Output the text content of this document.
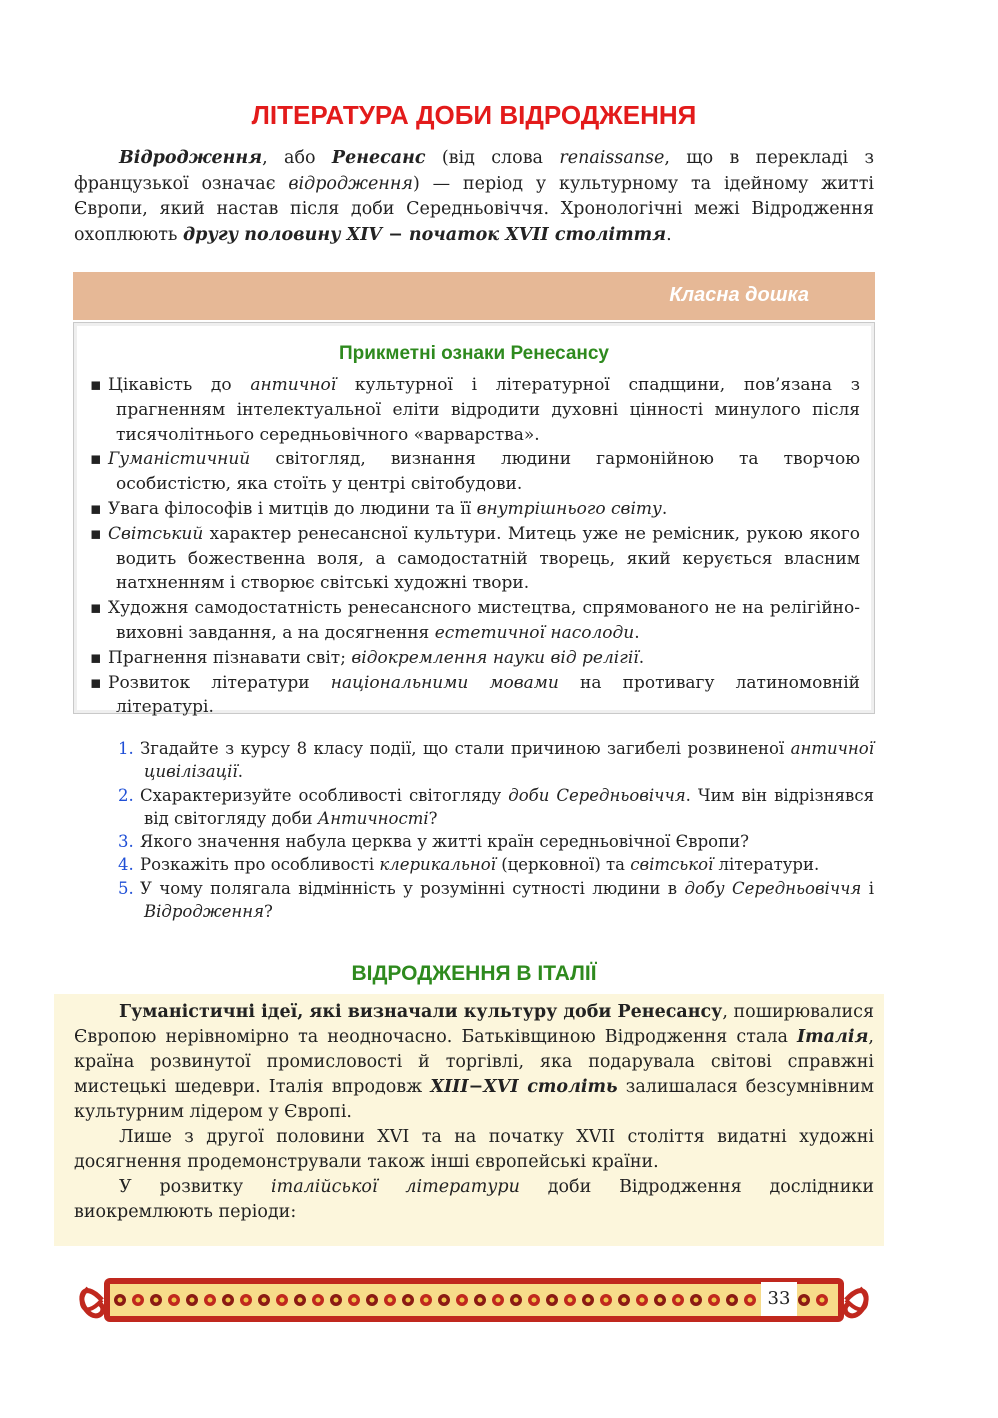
ЛІТЕРАТУРА ДОБИ ВІДРОДЖЕННЯ

Відродження, або Ренесанс (від слова renaissanse, що в перекладі з французької означає відродження) — період у культурному та ідейному житті Європи, який настав після доби Середньовіччя. Хронологічні межі Відродження охоплюють другу половину XIV − початок XVII століття.

Класна дошка
Прикметні ознаки Ренесансу
▪ Цікавість до античної культурної і літературної спадщини, пов’язана з прагненням інтелектуальної еліти відродити духовні цінності минулого після тисячолітнього середньовічного «варварства».
▪ Гуманістичний світогляд, визнання людини гармонійною та творчою особистістю, яка стоїть у центрі світобудови.
▪ Увага філософів і митців до людини та її внутрішнього світу.
▪ Світський характер ренесансної культури. Митець уже не ремісник, рукою якого водить божественна воля, а самодостатній творець, який керується власним натхненням і створює світські художні твори.
▪ Художня самодостатність ренесансного мистецтва, спрямованого не на релігійно-виховні завдання, а на досягнення естетичної насолоди.
▪ Прагнення пізнавати світ; відокремлення науки від релігії.
▪ Розвиток літератури національними мовами на противагу латиномовній літературі.
1. Згадайте з курсу 8 класу події, що стали причиною загибелі розвиненої античної цивілізації.
2. Схарактеризуйте особливості світогляду доби Середньовіччя. Чим він відрізнявся від світогляду доби Античності?
3. Якого значення набула церква у житті країн середньовічної Європи?
4. Розкажіть про особливості клерикальної (церковної) та світської літератури.
5. У чому полягала відмінність у розумінні сутності людини в добу Середньовіччя і Відродження?
ВІДРОДЖЕННЯ В ІТАЛІЇ

Гуманістичні ідеї, які визначали культуру доби Ренесансу, поширювалися Європою нерівномірно та неодночасно. Батьківщиною Відродження стала Італія, країна розвинутої промисловості й торгівлі, яка подарувала світові справжні мистецькі шедеври. Італія впродовж XIII−XVI століть залишалася безсумнівним культурним лідером у Європі.

Лише з другої половини XVI та на початку XVII століття видатні художні досягнення продемонстрували також інші європейські країни.

У розвитку італійської літератури доби Відродження дослідники виокремлюють періоди:

33
